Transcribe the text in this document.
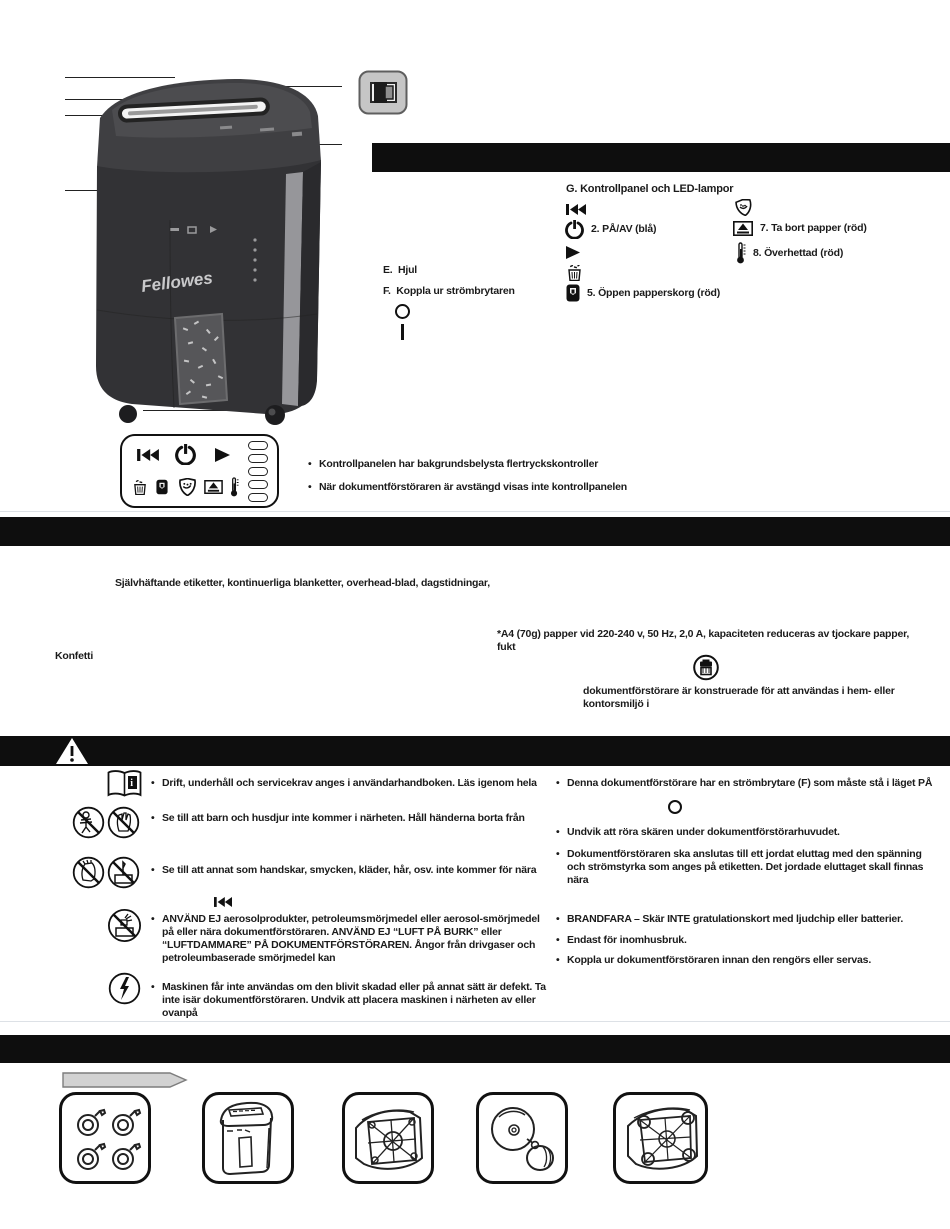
Fellowes	E. Hjul
F. Koppla ur strömbrytaren
G. Kontrollpanel och LED-lampor
2. PÅ/AV (blå)
5. Öppen papperskorg (röd)
7. Ta bort papper (röd)
8. Överhettad (röd)
• Kontrollpanelen har bakgrundsbelysta flertryckskontroller
• När dokumentförstöraren är avstängd visas inte kontrollpanelen
Självhäftande etiketter, kontinuerliga blanketter, overhead-blad, dagstidningar,
*A4 (70g) papper vid 220-240 v, 50 Hz, 2,0 A, kapaciteten reduceras av tjockare papper, fukt
Konfetti
dokumentförstörare är konstruerade för att användas i hem- eller kontorsmiljö i
i	• Drift, underhåll och servicekrav anges i användarhandboken. Läs igenom hela
• Se till att barn och husdjur inte kommer i närheten. Håll händerna borta från
• Se till att annat som handskar, smycken, kläder, hår, osv. inte kommer för nära
• ANVÄND EJ aerosolprodukter, petroleumsmörjmedel eller aerosol-smörjmedel på eller nära dokumentförstöraren. ANVÄND EJ “LUFT PÅ BURK” eller “LUFTDAMMARE” PÅ DOKUMENTFÖRSTÖRAREN. Ångor från drivgaser och petroleumbaserade smörjmedel kan
• Maskinen får inte användas om den blivit skadad eller på annat sätt är defekt. Ta inte isär dokumentförstöraren. Undvik att placera maskinen i närheten av eller ovanpå
• Denna dokumentförstörare har en strömbrytare (F) som måste stå i läget PÅ
• Undvik att röra skären under dokumentförstörarhuvudet.
• Dokumentförstöraren ska anslutas till ett jordat eluttag med den spänning och strömstyrka som anges på etiketten. Det jordade eluttaget skall finnas nära
• BRANDFARA – Skär INTE gratulationskort med ljudchip eller batterier.
• Endast för inomhusbruk.
• Koppla ur dokumentförstöraren innan den rengörs eller servas.
